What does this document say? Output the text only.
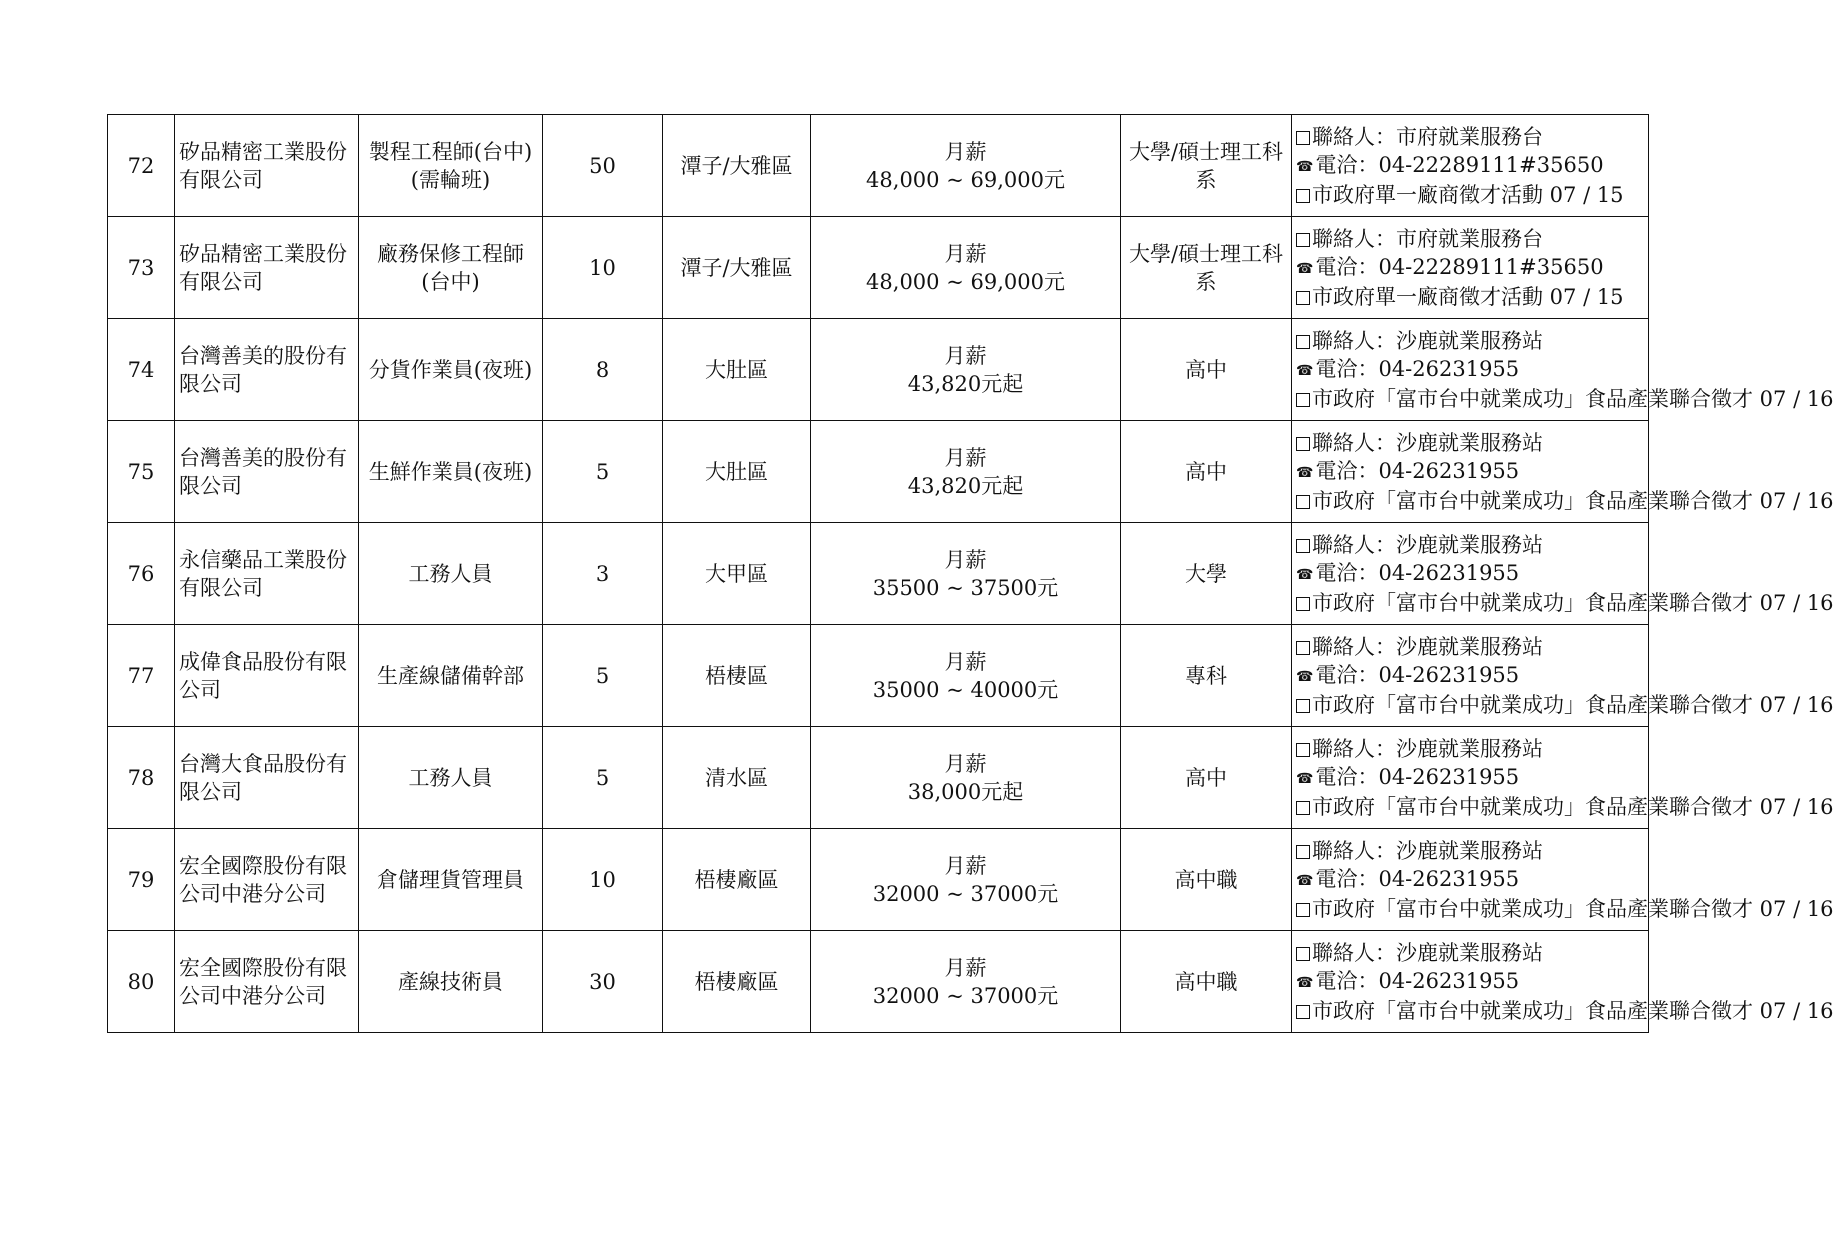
72	矽品精密工業股份有限公司	製程工程師(台中)(需輪班)	50	潭子/大雅區	月薪
48,000 ~ 69,000元	大學/碩士理工科系	聯絡人：市府就業服務台
☎電洽：04-22289111#35650
市政府單一廠商徵才活動 07 / 15

73	矽品精密工業股份有限公司	廠務保修工程師(台中)	10	潭子/大雅區	月薪
48,000 ~ 69,000元	大學/碩士理工科系	聯絡人：市府就業服務台
☎電洽：04-22289111#35650
市政府單一廠商徵才活動 07 / 15

74	台灣善美的股份有限公司	分貨作業員(夜班)	8	大肚區	月薪
43,820元起	高中	聯絡人：沙鹿就業服務站
☎電洽：04-26231955
市政府「富市台中就業成功」食品產業聯合徵才 07 / 16

75	台灣善美的股份有限公司	生鮮作業員(夜班)	5	大肚區	月薪
43,820元起	高中	聯絡人：沙鹿就業服務站
☎電洽：04-26231955
市政府「富市台中就業成功」食品產業聯合徵才 07 / 16

76	永信藥品工業股份有限公司	工務人員	3	大甲區	月薪
35500 ~ 37500元	大學	聯絡人：沙鹿就業服務站
☎電洽：04-26231955
市政府「富市台中就業成功」食品產業聯合徵才 07 / 16

77	成偉食品股份有限公司	生產線儲備幹部	5	梧棲區	月薪
35000 ~ 40000元	專科	聯絡人：沙鹿就業服務站
☎電洽：04-26231955
市政府「富市台中就業成功」食品產業聯合徵才 07 / 16

78	台灣大食品股份有限公司	工務人員	5	清水區	月薪
38,000元起	高中	聯絡人：沙鹿就業服務站
☎電洽：04-26231955
市政府「富市台中就業成功」食品產業聯合徵才 07 / 16

79	宏全國際股份有限公司中港分公司	倉儲理貨管理員	10	梧棲廠區	月薪
32000 ~ 37000元	高中職	聯絡人：沙鹿就業服務站
☎電洽：04-26231955
市政府「富市台中就業成功」食品產業聯合徵才 07 / 16

80	宏全國際股份有限公司中港分公司	產線技術員	30	梧棲廠區	月薪
32000 ~ 37000元	高中職	聯絡人：沙鹿就業服務站
☎電洽：04-26231955
市政府「富市台中就業成功」食品產業聯合徵才 07 / 16
